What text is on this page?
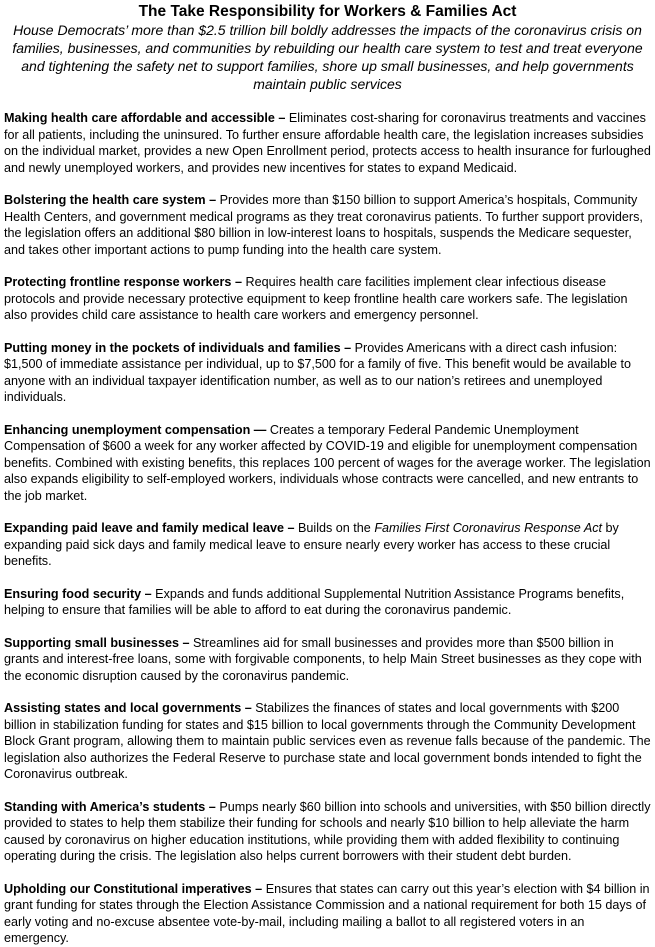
The Take Responsibility for Workers & Families Act

House Democrats’ more than $2.5 trillion bill boldly addresses the impacts of the coronavirus crisis on families, businesses, and communities by rebuilding our health care system to test and treat everyone and tightening the safety net to support families, shore up small businesses, and help governments maintain public services

Making health care affordable and accessible – Eliminates cost-sharing for coronavirus treatments and vaccines for all patients, including the uninsured. To further ensure affordable health care, the legislation increases subsidies on the individual market, provides a new Open Enrollment period, protects access to health insurance for furloughed and newly unemployed workers, and provides new incentives for states to expand Medicaid.

Bolstering the health care system – Provides more than $150 billion to support America’s hospitals, Community Health Centers, and government medical programs as they treat coronavirus patients. To further support providers, the legislation offers an additional $80 billion in low-interest loans to hospitals, suspends the Medicare sequester, and takes other important actions to pump funding into the health care system.

Protecting frontline response workers – Requires health care facilities implement clear infectious disease protocols and provide necessary protective equipment to keep frontline health care workers safe. The legislation also provides child care assistance to health care workers and emergency personnel.

Putting money in the pockets of individuals and families – Provides Americans with a direct cash infusion: $1,500 of immediate assistance per individual, up to $7,500 for a family of five. This benefit would be available to anyone with an individual taxpayer identification number, as well as to our nation’s retirees and unemployed individuals.

Enhancing unemployment compensation — Creates a temporary Federal Pandemic Unemployment Compensation of $600 a week for any worker affected by COVID-19 and eligible for unemployment compensation benefits. Combined with existing benefits, this replaces 100 percent of wages for the average worker. The legislation also expands eligibility to self-employed workers, individuals whose contracts were cancelled, and new entrants to the job market.

Expanding paid leave and family medical leave – Builds on the Families First Coronavirus Response Act by expanding paid sick days and family medical leave to ensure nearly every worker has access to these crucial benefits.

Ensuring food security – Expands and funds additional Supplemental Nutrition Assistance Programs benefits, helping to ensure that families will be able to afford to eat during the coronavirus pandemic.

Supporting small businesses – Streamlines aid for small businesses and provides more than $500 billion in grants and interest-free loans, some with forgivable components, to help Main Street businesses as they cope with the economic disruption caused by the coronavirus pandemic.

Assisting states and local governments – Stabilizes the finances of states and local governments with $200 billion in stabilization funding for states and $15 billion to local governments through the Community Development Block Grant program, allowing them to maintain public services even as revenue falls because of the pandemic. The legislation also authorizes the Federal Reserve to purchase state and local government bonds intended to fight the Coronavirus outbreak.

Standing with America’s students – Pumps nearly $60 billion into schools and universities, with $50 billion directly provided to states to help them stabilize their funding for schools and nearly $10 billion to help alleviate the harm caused by coronavirus on higher education institutions, while providing them with added flexibility to continuing operating during the crisis. The legislation also helps current borrowers with their student debt burden.

Upholding our Constitutional imperatives – Ensures that states can carry out this year’s election with $4 billion in grant funding for states through the Election Assistance Commission and a national requirement for both 15 days of early voting and no-excuse absentee vote-by-mail, including mailing a ballot to all registered voters in an emergency.
